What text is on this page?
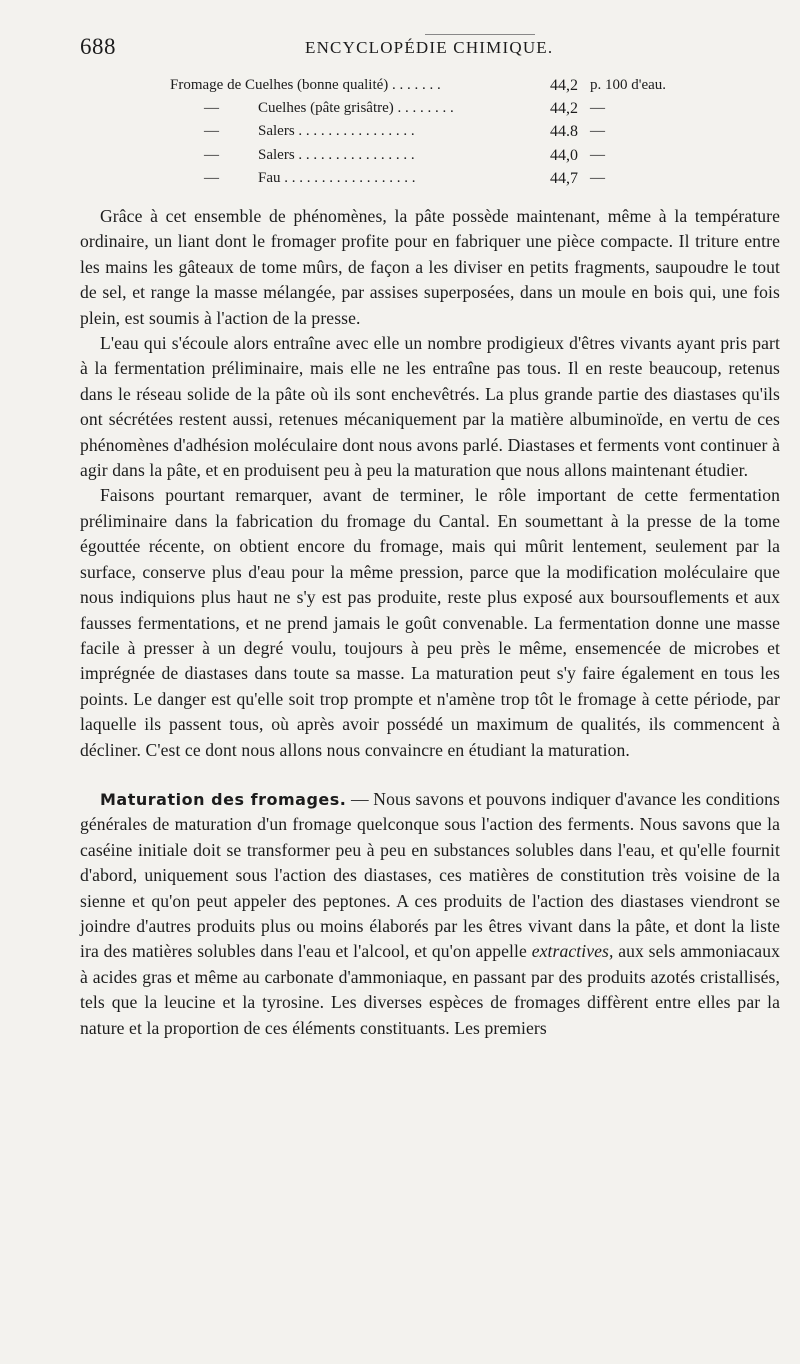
688	ENCYCLOPÉDIE CHIMIQUE.
Fromage de Cuelhes (bonne qualité) . . . . . . .	44,2 p. 100 d'eau.
—	Cuelhes (pâte grisâtre) . . . . . . . .	44,2 —
—	Salers . . . . . . . . . . . . . . . .	44.8 —
—	Salers . . . . . . . . . . . . . . . .	44,0 —
—	Fau . . . . . . . . . . . . . . . . . .	44,7 —

Grâce à cet ensemble de phénomènes, la pâte possède maintenant, même à la température ordinaire, un liant dont le fromager profite pour en fabriquer une pièce compacte. Il triture entre les mains les gâteaux de tome mûrs, de façon a les diviser en petits fragments, saupoudre le tout de sel, et range la masse mélangée, par assises superposées, dans un moule en bois qui, une fois plein, est soumis à l'action de la presse.

L'eau qui s'écoule alors entraîne avec elle un nombre prodigieux d'êtres vivants ayant pris part à la fermentation préliminaire, mais elle ne les entraîne pas tous. Il en reste beaucoup, retenus dans le réseau solide de la pâte où ils sont enchevêtrés. La plus grande partie des diastases qu'ils ont sécrétées restent aussi, retenues mécaniquement par la matière albuminoïde, en vertu de ces phénomènes d'adhésion moléculaire dont nous avons parlé. Diastases et ferments vont continuer à agir dans la pâte, et en produisent peu à peu la maturation que nous allons maintenant étudier.

Faisons pourtant remarquer, avant de terminer, le rôle important de cette fermentation préliminaire dans la fabrication du fromage du Cantal. En soumettant à la presse de la tome égouttée récente, on obtient encore du fromage, mais qui mûrit lentement, seulement par la surface, conserve plus d'eau pour la même pression, parce que la modification moléculaire que nous indiquions plus haut ne s'y est pas produite, reste plus exposé aux boursouflements et aux fausses fermentations, et ne prend jamais le goût convenable. La fermentation donne une masse facile à presser à un degré voulu, toujours à peu près le même, ensemencée de microbes et imprégnée de diastases dans toute sa masse. La maturation peut s'y faire également en tous les points. Le danger est qu'elle soit trop prompte et n'amène trop tôt le fromage à cette période, par laquelle ils passent tous, où après avoir possédé un maximum de qualités, ils commencent à décliner. C'est ce dont nous allons nous convaincre en étudiant la maturation.

Maturation des fromages. — Nous savons et pouvons indiquer d'avance les conditions générales de maturation d'un fromage quelconque sous l'action des ferments. Nous savons que la caséine initiale doit se transformer peu à peu en substances solubles dans l'eau, et qu'elle fournit d'abord, uniquement sous l'action des diastases, ces matières de constitution très voisine de la sienne et qu'on peut appeler des peptones. A ces produits de l'action des diastases viendront se joindre d'autres produits plus ou moins élaborés par les êtres vivant dans la pâte, et dont la liste ira des matières solubles dans l'eau et l'alcool, et qu'on appelle extractives, aux sels ammoniacaux à acides gras et même au carbonate d'ammoniaque, en passant par des produits azotés cristallisés, tels que la leucine et la tyrosine. Les diverses espèces de fromages diffèrent entre elles par la nature et la proportion de ces éléments constituants. Les premiers
